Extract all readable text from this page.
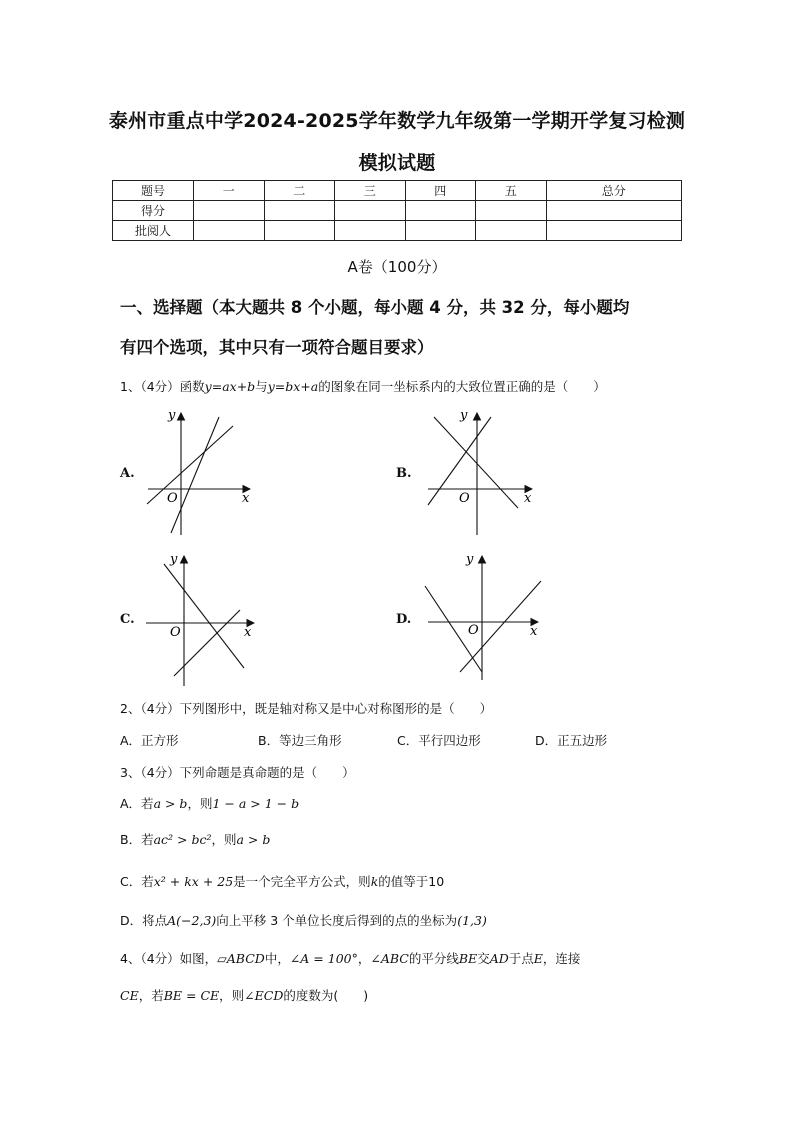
泰州市重点中学2024-2025学年数学九年级第一学期开学复习检测
模拟试题
题号	一	二	三	四	五	总分
得分						
批阅人						
A卷（100分）
一、选择题（本大题共 8 个小题，每小题 4 分，共 32 分，每小题均
有四个选项，其中只有一项符合题目要求）
1、（4分）函数y=ax+b与y=bx+a的图象在同一坐标系内的大致位置正确的是（　　）
A.	B.
C.	D.
x
y
O	x
y
O
x
y
O	x
y
O
2、（4分）下列图形中，既是轴对称又是中心对称图形的是（　　）
A．正方形	B．等边三角形	C．平行四边形	D．正五边形
3、（4分）下列命题是真命题的是（　　）
A．若a > b，则1 − a > 1 − b
B．若ac² > bc²，则a > b
C．若x² + kx + 25是一个完全平方公式，则k的值等于10
D．将点A(−2,3)向上平移 3 个单位长度后得到的点的坐标为(1,3)
4、（4分）如图，▱ABCD中，∠A = 100°，∠ABC的平分线BE交AD于点E，连接
CE，若BE = CE，则∠ECD的度数为(　　)
